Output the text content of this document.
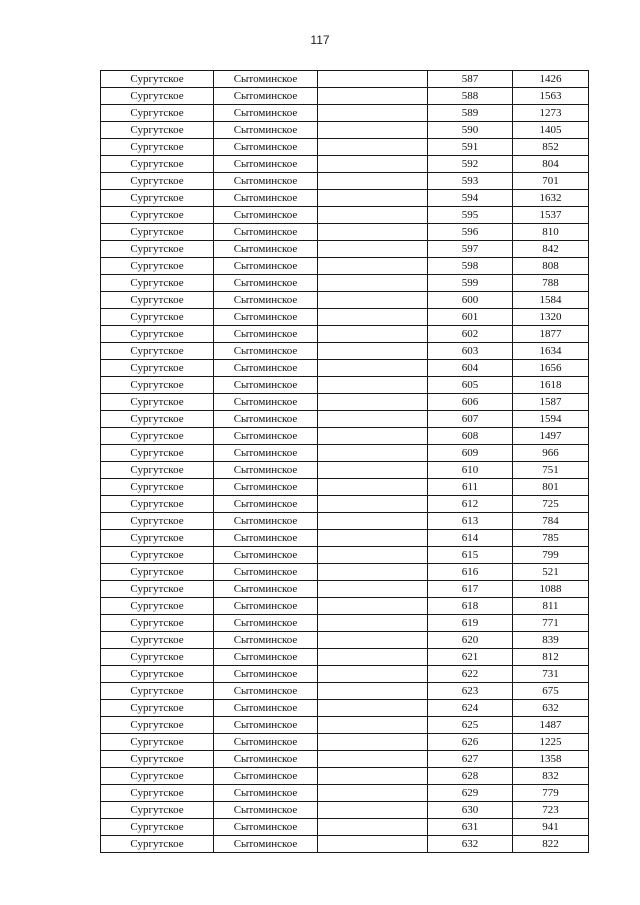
117
Сургутское	Сытоминское		587	1426
Сургутское	Сытоминское		588	1563
Сургутское	Сытоминское		589	1273
Сургутское	Сытоминское		590	1405
Сургутское	Сытоминское		591	852
Сургутское	Сытоминское		592	804
Сургутское	Сытоминское		593	701
Сургутское	Сытоминское		594	1632
Сургутское	Сытоминское		595	1537
Сургутское	Сытоминское		596	810
Сургутское	Сытоминское		597	842
Сургутское	Сытоминское		598	808
Сургутское	Сытоминское		599	788
Сургутское	Сытоминское		600	1584
Сургутское	Сытоминское		601	1320
Сургутское	Сытоминское		602	1877
Сургутское	Сытоминское		603	1634
Сургутское	Сытоминское		604	1656
Сургутское	Сытоминское		605	1618
Сургутское	Сытоминское		606	1587
Сургутское	Сытоминское		607	1594
Сургутское	Сытоминское		608	1497
Сургутское	Сытоминское		609	966
Сургутское	Сытоминское		610	751
Сургутское	Сытоминское		611	801
Сургутское	Сытоминское		612	725
Сургутское	Сытоминское		613	784
Сургутское	Сытоминское		614	785
Сургутское	Сытоминское		615	799
Сургутское	Сытоминское		616	521
Сургутское	Сытоминское		617	1088
Сургутское	Сытоминское		618	811
Сургутское	Сытоминское		619	771
Сургутское	Сытоминское		620	839
Сургутское	Сытоминское		621	812
Сургутское	Сытоминское		622	731
Сургутское	Сытоминское		623	675
Сургутское	Сытоминское		624	632
Сургутское	Сытоминское		625	1487
Сургутское	Сытоминское		626	1225
Сургутское	Сытоминское		627	1358
Сургутское	Сытоминское		628	832
Сургутское	Сытоминское		629	779
Сургутское	Сытоминское		630	723
Сургутское	Сытоминское		631	941
Сургутское	Сытоминское		632	822
